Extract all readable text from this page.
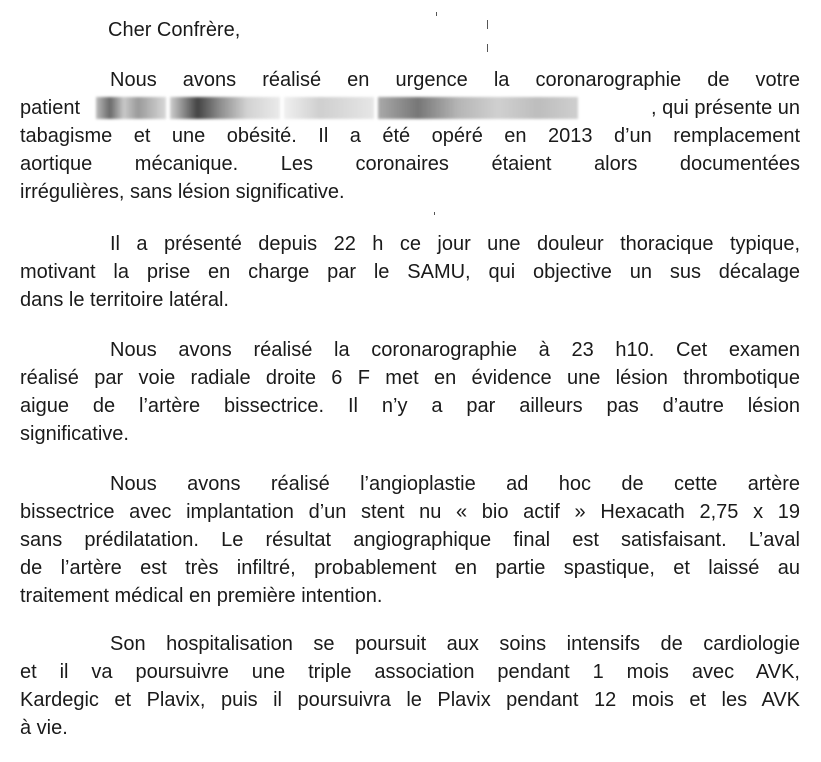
Cher Confrère,

Nous avons réalisé en urgence la coronarographie de votre
patient	, qui présente un
tabagisme et une obésité. Il a été opéré en 2013 d’un remplacement
aortique mécanique. Les coronaires étaient alors documentées
irrégulières, sans lésion significative.
Il a présenté depuis 22 h ce jour une douleur thoracique typique,
motivant la prise en charge par le SAMU, qui objective un sus décalage
dans le territoire latéral.
Nous avons réalisé la coronarographie à 23 h10. Cet examen
réalisé par voie radiale droite 6 F met en évidence une lésion thrombotique
aigue de l’artère bissectrice. Il n’y a par ailleurs pas d’autre lésion
significative.
Nous avons réalisé l’angioplastie ad hoc de cette artère
bissectrice avec implantation d’un stent nu « bio actif » Hexacath 2,75 x 19
sans prédilatation. Le résultat angiographique final est satisfaisant. L’aval
de l’artère est très infiltré, probablement en partie spastique, et laissé au
traitement médical en première intention.
Son hospitalisation se poursuit aux soins intensifs de cardiologie
et il va poursuivre une triple association pendant 1 mois avec AVK,
Kardegic et Plavix, puis il poursuivra le Plavix pendant 12 mois et les AVK
à vie.
